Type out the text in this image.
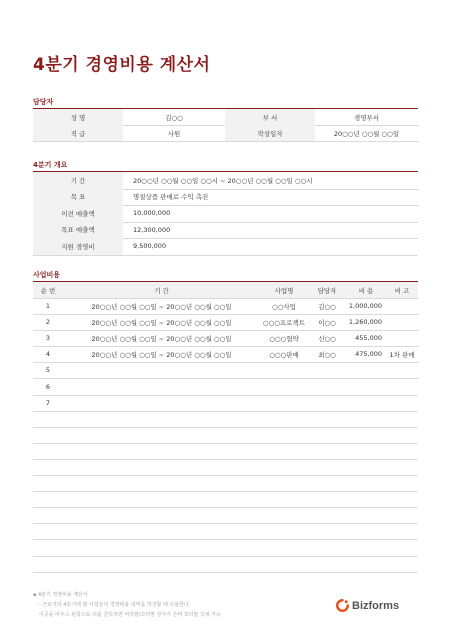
4분기 경영비용 계산서
담당자
성 명	김○○	부 서	경영부서
직 급	사원	작성일자	20○○년 ○○월 ○○일
4분기 개요
기 간	20○○년 ○○월 ○○일 ○○시 ~ 20○○년 ○○월 ○○일 ○○시
목 표	명절상품 판매로 수익 촉진
이전 매출액	10,000,000
목표 매출액	12,300,000
지원 경영비	9,500,000
사업비용
순 번	기 간	사업명	담당자	비 용	비 고
1	20○○년 ○○월 ○○일 ~ 20○○년 ○○월 ○○일	○○사업	김○○	1,000,000
2	20○○년 ○○월 ○○일 ~ 20○○년 ○○월 ○○일	○○○프로젝트	이○○	1,260,000
3	20○○년 ○○월 ○○일 ~ 20○○년 ○○월 ○○일	○○○협약	신○○	455,000
4	20○○년 ○○월 ○○일 ~ 20○○년 ○○월 ○○일	○○○판매	최○○	475,000	1차 판매
5
6
7
▪ 4분기 경영비용 계산서
- 근로자의 4분기에 할 사업들의 경영비용 내역을 작성할 때 사용한다.
이곳을 마우스 왼쪽으로 더블 클릭하면 머리말/꼬리말 상자가 뜬며 꼬리말 삭제 가능
Bizforms
